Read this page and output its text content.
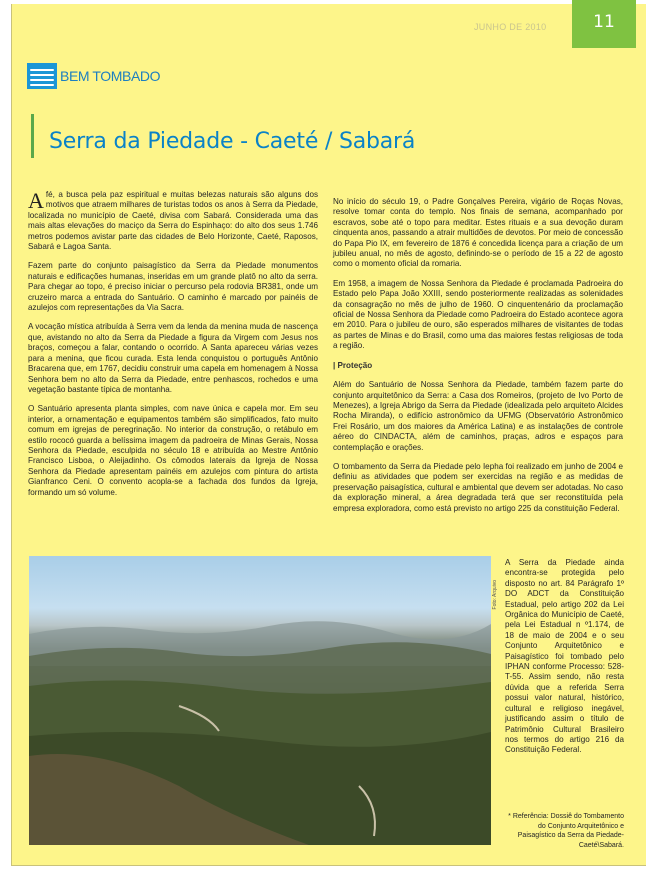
JUNHO DE 2010	11
BEM TOMBADO
Serra da Piedade - Caeté / Sabará

A fé, a busca pela paz espiritual e muitas belezas naturais são alguns dos motivos que atraem milhares de turistas todos os anos à Serra da Piedade, localizada no município de Caeté, divisa com Sabará. Considerada uma das mais altas elevações do maciço da Serra do Espinhaço: do alto dos seus 1.746 metros podemos avistar parte das cidades de Belo Horizonte, Caeté, Raposos, Sabará e Lagoa Santa.

Fazem parte do conjunto paisagístico da Serra da Piedade monumentos naturais e edificações humanas, inseridas em um grande platô no alto da serra. Para chegar ao topo, é preciso iniciar o percurso pela rodovia BR381, onde um cruzeiro marca a entrada do Santuário. O caminho é marcado por painéis de azulejos com representações da Via Sacra.

A vocação mística atribuída à Serra vem da lenda da menina muda de nascença que, avistando no alto da Serra da Piedade a figura da Virgem com Jesus nos braços, começou a falar, contando o ocorrido. A Santa apareceu várias vezes para a menina, que ficou curada. Esta lenda conquistou o português Antônio Bracarena que, em 1767, decidiu construir uma capela em homenagem à Nossa Senhora bem no alto da Serra da Piedade, entre penhascos, rochedos e uma vegetação bastante típica de montanha.

O Santuário apresenta planta simples, com nave única e capela mor. Em seu interior, a ornamentação e equipamentos também são simplificados, fato muito comum em igrejas de peregrinação. No interior da construção, o retábulo em estilo rococó guarda a belíssima imagem da padroeira de Minas Gerais, Nossa Senhora da Piedade, esculpida no século 18 e atribuída ao Mestre Antônio Francisco Lisboa, o Aleijadinho. Os cômodos laterais da Igreja de Nossa Senhora da Piedade apresentam painéis em azulejos com pintura do artista Gianfranco Ceni. O convento acopla-se a fachada dos fundos da Igreja, formando um só volume.

No início do século 19, o Padre Gonçalves Pereira, vigário de Roças Novas, resolve tomar conta do templo. Nos finais de semana, acompanhado por escravos, sobe até o topo para meditar. Estes rituais e a sua devoção duram cinquenta anos, passando a atrair multidões de devotos. Por meio de concessão do Papa Pio IX, em fevereiro de 1876 é concedida licença para a criação de um jubileu anual, no mês de agosto, definindo-se o período de 15 a 22 de agosto como o momento oficial da romaria.

Em 1958, a imagem de Nossa Senhora da Piedade é proclamada Padroeira do Estado pelo Papa João XXIII, sendo posteriormente realizadas as solenidades da consagração no mês de julho de 1960. O cinquentenário da proclamação oficial de Nossa Senhora da Piedade como Padroeira do Estado acontece agora em 2010. Para o jubileu de ouro, são esperados milhares de visitantes de todas as partes de Minas e do Brasil, como uma das maiores festas religiosas de toda a região.

| Proteção

Além do Santuário de Nossa Senhora da Piedade, também fazem parte do conjunto arquitetônico da Serra: a Casa dos Romeiros, (projeto de Ivo Porto de Menezes), a Igreja Abrigo da Serra da Piedade (idealizada pelo arquiteto Alcides Rocha Miranda), o edifício astronômico da UFMG (Observatório Astronômico Frei Rosário, um dos maiores da América Latina) e as instalações de controle aéreo do CINDACTA, além de caminhos, praças, adros e espaços para contemplação e orações.

O tombamento da Serra da Piedade pelo Iepha foi realizado em junho de 2004 e definiu as atividades que podem ser exercidas na região e as medidas de preservação paisagística, cultural e ambiental que devem ser adotadas. No caso da exploração mineral, a área degradada terá que ser reconstituída pela empresa exploradora, como está previsto no artigo 225 da constituição Federal.

Foto: Arquivo
A Serra da Piedade ainda encontra-se protegida pelo disposto no art. 84 Parágrafo 1º DO ADCT da Constituição Estadual, pelo artigo 202 da Lei Orgânica do Município de Caeté, pela Lei Estadual n º1.174, de 18 de maio de 2004 e o seu Conjunto Arquitetônico e Paisagístico foi tombado pelo IPHAN conforme Processo: 528-T-55. Assim sendo, não resta dúvida que a referida Serra possui valor natural, histórico, cultural e religioso inegável, justificando assim o título de Patrimônio Cultural Brasileiro nos termos do artigo 216 da Constituição Federal.
* Referência: Dossiê do Tombamento do Conjunto Arquitetônico e Paisagístico da Serra da Piedade-Caeté\Sabará.
